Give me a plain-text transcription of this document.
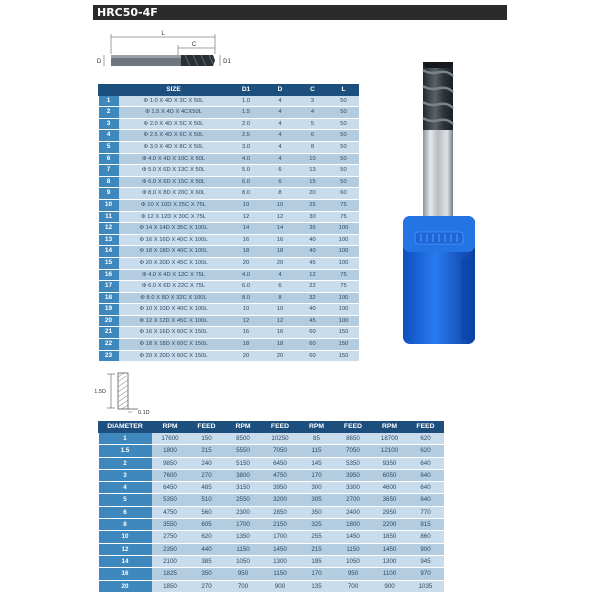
HRC50-4F
L
C
D	D1
	SIZE	D1	D	C	L
1	Φ 1.0 X 4D X 3C X 50L	1.0	4	3	50
2	Φ 1.5 X 4D X 4CX50L	1.5	4	4	50
3	Φ 2.0 X 4D X 5C X 50L	2.0	4	5	50
4	Φ 2.5 X 4D X 6C X 50L	2.5	4	6	50
5	Φ 3.0 X 4D X 8C X 50L	3.0	4	8	50
6	Φ 4.0 X 4D X 10C X 50L	4.0	4	10	50
7	Φ 5.0 X 6D X 13C X 50L	5.0	6	13	50
8	Φ 6.0 X 6D X 15C X 50L	6.0	6	15	50
9	Φ 8.0 X 8D X 20C X 60L	8.0	8	20	60
10	Φ 10 X 10D X 25C X 75L	10	10	25	75
11	Φ 12 X 12D X 30C X 75L	12	12	30	75
12	Φ 14 X 14D X 35C X 100L	14	14	35	100
13	Φ 16 X 16D X 40C X 100L	16	16	40	100
14	Φ 18 X 18D X 40C X 100L	18	18	40	100
15	Φ 20 X 20D X 45C X 100L	20	20	45	100
16	Φ 4.0 X 4D X 12C X 75L	4.0	4	12	75
17	Φ 6.0 X 6D X 22C X 75L	6.0	6	22	75
18	Φ 8.0 X 8D X 32C X 100L	8.0	8	32	100
19	Φ 10 X 10D X 40C X 100L	10	10	40	100
20	Φ 12 X 12D X 45C X 100L	12	12	45	100
21	Φ 16 X 16D X 60C X 150L	16	16	60	150
22	Φ 18 X 18D X 60C X 150L	18	18	60	150
23	Φ 20 X 20D X 60C X 150L	20	20	60	150
1.5D
0.1D
DIAMETER	RPM	FEED	RPM	FEED	RPM	FEED	RPM	FEED
1	17600	150	8500	10250	85	8650	18700	620
1.5	1800	215	5550	7050	115	7050	12100	620
2	9850	240	5150	6450	145	5350	9350	640
3	7600	270	3800	4750	170	3950	6050	640
4	6450	485	3150	3950	300	3300	4600	640
5	5350	510	2550	3200	305	2700	3650	640
6	4750	560	2300	2850	350	2400	2950	770
8	3550	605	1700	2150	325	1800	2200	815
10	2750	620	1350	1700	255	1450	1850	860
12	2350	440	1150	1450	215	1150	1450	900
14	2100	385	1050	1300	195	1050	1300	945
16	1825	350	950	1150	170	950	1100	970
20	1850	270	700	900	135	700	900	1035
